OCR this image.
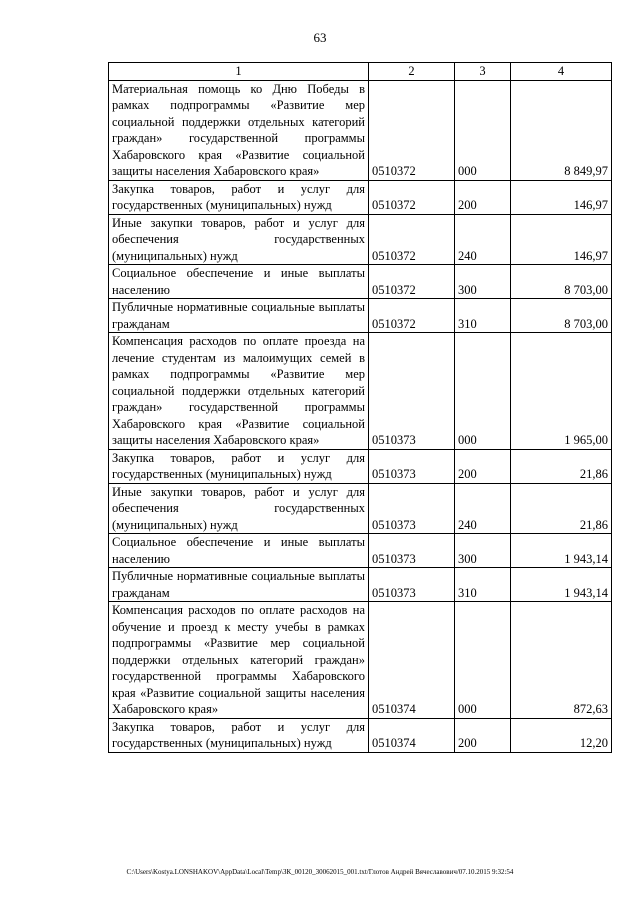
63
1	2	3	4
Материальная помощь ко Дню Победы в рамках подпрограммы «Развитие мер социальной поддержки отдельных категорий граждан» государственной программы Хабаровского края «Развитие социальной защиты населения Хабаровского края»	0510372	000	8 849,97
Закупка товаров, работ и услуг для государственных (муниципальных) нужд	0510372	200	146,97
Иные закупки товаров, работ и услуг для обеспечения государственных (муниципальных) нужд	0510372	240	146,97
Социальное обеспечение и иные выплаты населению	0510372	300	8 703,00
Публичные нормативные социальные выплаты гражданам	0510372	310	8 703,00
Компенсация расходов по оплате проезда на лечение студентам из малоимущих семей в рамках подпрограммы «Развитие мер социальной поддержки отдельных категорий граждан» государственной программы Хабаровского края «Развитие социальной защиты населения Хабаровского края»	0510373	000	1 965,00
Закупка товаров, работ и услуг для государственных (муниципальных) нужд	0510373	200	21,86
Иные закупки товаров, работ и услуг для обеспечения государственных (муниципальных) нужд	0510373	240	21,86
Социальное обеспечение и иные выплаты населению	0510373	300	1 943,14
Публичные нормативные социальные выплаты гражданам	0510373	310	1 943,14
Компенсация расходов по оплате расходов на обучение и проезд к месту учебы в рамках подпрограммы «Развитие мер социальной поддержки отдельных категорий граждан» государственной программы Хабаровского края «Развитие социальной защиты населения Хабаровского края»	0510374	000	872,63
Закупка товаров, работ и услуг для государственных (муниципальных) нужд	0510374	200	12,20
C:\Users\Kostya.LONSHAKOV\AppData\Local\Temp\ЗК_00120_30062015_001.txt/Глотов Андрей Вячеславович/07.10.2015 9:32:54
